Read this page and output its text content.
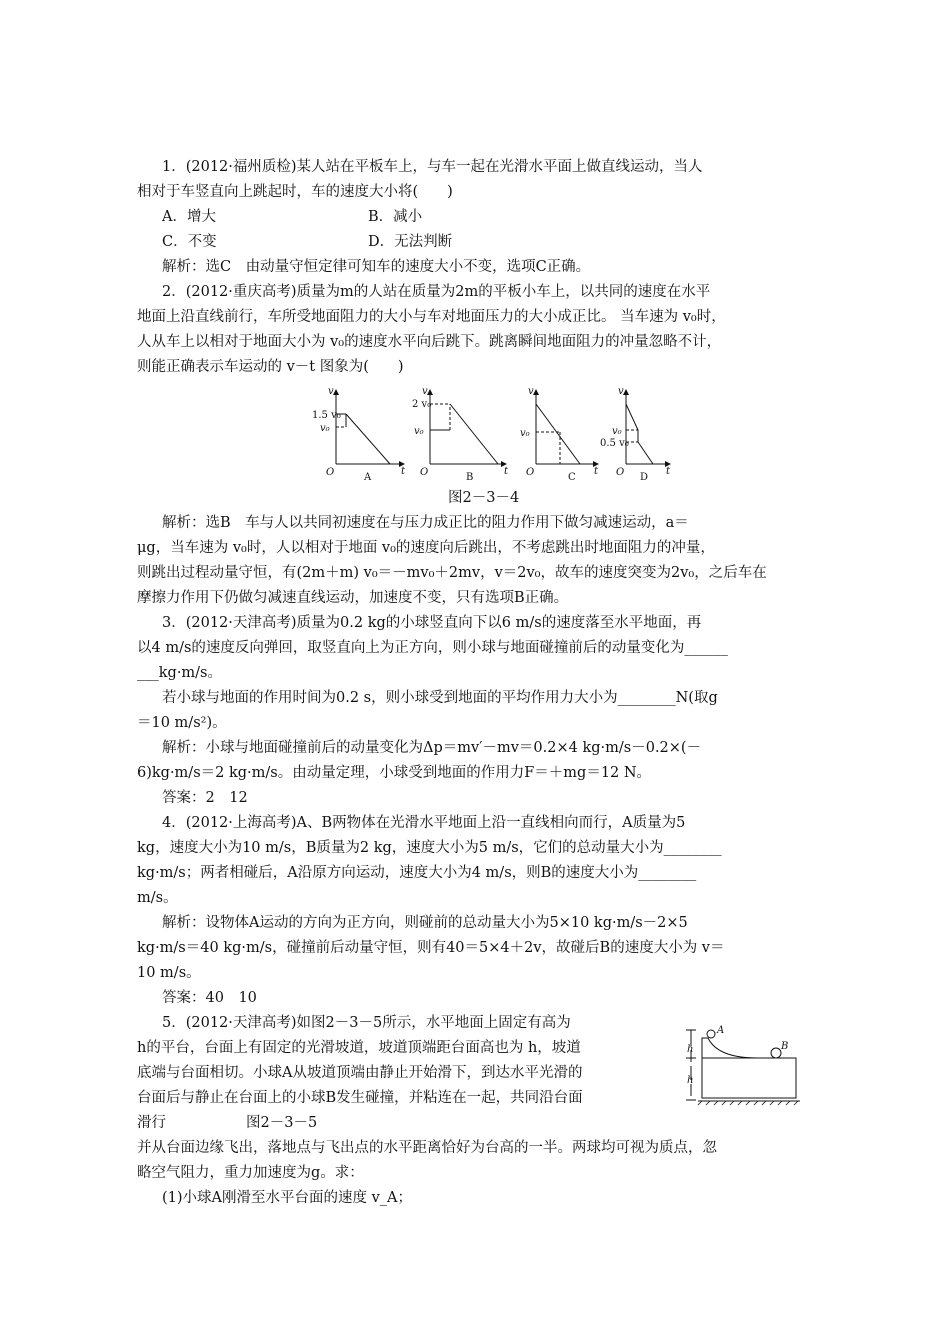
1．(2012·福州质检)某人站在平板车上，与车一起在光滑水平面上做直线运动，当人
相对于车竖直向上跳起时，车的速度大小将(　　)
A．增大	B．减小
C．不变	D．无法判断
解析：选C　由动量守恒定律可知车的速度大小不变，选项C正确。
2．(2012·重庆高考)质量为m的人站在质量为2m的平板小车上，以共同的速度在水平
地面上沿直线前行，车所受地面阻力的大小与车对地面压力的大小成正比。 当车速为 v₀时，
人从车上以相对于地面大小为 v₀的速度水平向后跳下。跳离瞬间地面阻力的冲量忽略不计，
则能正确表示车运动的 v－t 图象为(　　)
v
t
O
1.5 v₀
v₀
A
v
t
O
2 v₀
v₀
B
v
t
O
v₀
C
v
t
O
v₀
0.5 v₀
D
图2－3－4
解析：选B　车与人以共同初速度在与压力成正比的阻力作用下做匀减速运动，a＝
μg，当车速为 v₀时，人以相对于地面 v₀的速度向后跳出，不考虑跳出时地面阻力的冲量，
则跳出过程动量守恒，有(2m＋m) v₀＝－mv₀＋2mv，v＝2v₀，故车的速度突变为2v₀，之后车在
摩擦力作用下仍做匀减速直线运动，加速度不变，只有选项B正确。
3．(2012·天津高考)质量为0.2 kg的小球竖直向下以6 m/s的速度落至水平地面，再
以4 m/s的速度反向弹回，取竖直向上为正方向，则小球与地面碰撞前后的动量变化为______
___kg·m/s。
若小球与地面的作用时间为0.2 s，则小球受到地面的平均作用力大小为________N(取g
＝10 m/s²)。
解析：小球与地面碰撞前后的动量变化为Δp＝mv′－mv＝0.2×4 kg·m/s－0.2×(－
6)kg·m/s＝2 kg·m/s。由动量定理，小球受到地面的作用力F＝＋mg＝12 N。
答案：2　12
4．(2012·上海高考)A、B两物体在光滑水平地面上沿一直线相向而行，A质量为5
kg，速度大小为10 m/s，B质量为2 kg，速度大小为5 m/s，它们的总动量大小为________
kg·m/s；两者相碰后，A沿原方向运动，速度大小为4 m/s，则B的速度大小为________
m/s。
解析：设物体A运动的方向为正方向，则碰前的总动量大小为5×10 kg·m/s－2×5
kg·m/s＝40 kg·m/s，碰撞前后动量守恒，则有40＝5×4＋2v，故碰后B的速度大小为 v＝
10 m/s。
答案：40　10
5．(2012·天津高考)如图2－3－5所示，水平地面上固定有高为
h的平台，台面上有固定的光滑坡道，坡道顶端距台面高也为 h，坡道
底端与台面相切。小球A从坡道顶端由静止开始滑下，到达水平光滑的
台面后与静止在台面上的小球B发生碰撞，并粘连在一起，共同沿台面
滑行	图2－3－5
并从台面边缘飞出，落地点与飞出点的水平距离恰好为台高的一半。两球均可视为质点，忽
略空气阻力，重力加速度为g。求：
(1)小球A刚滑至水平台面的速度 v_A；
A
B
h
h
